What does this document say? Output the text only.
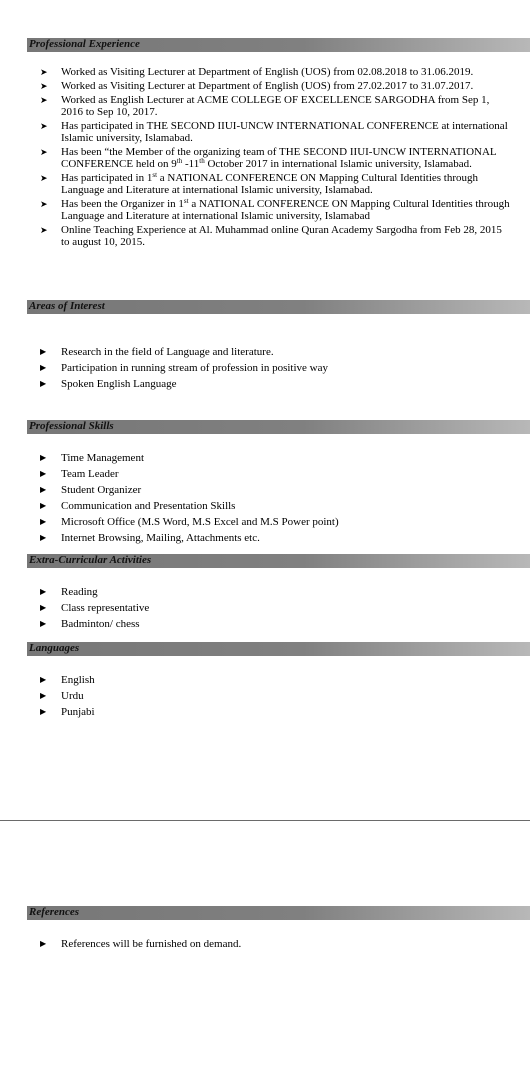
Professional Experience
➤
Worked as Visiting Lecturer at Department of English (UOS) from 02.08.2018 to 31.06.2019.
➤
Worked as Visiting Lecturer at Department of English (UOS) from 27.02.2017 to 31.07.2017.
➤
Worked as English Lecturer at ACME COLLEGE OF EXCELLENCE SARGODHA from Sep 1, 2016 to Sep 10, 2017.
➤
Has participated in THE SECOND IIUI-UNCW INTERNATIONAL CONFERENCE at international Islamic university, Islamabad.
➤
Has been “the Member of the organizing team of THE SECOND IIUI-UNCW INTERNATIONAL CONFERENCE held on 9th -11th October 2017 in international Islamic university, Islamabad.
➤
Has participated in 1st a NATIONAL CONFERENCE ON Mapping Cultural Identities through Language and Literature at international Islamic university, Islamabad.
➤
Has been the Organizer in 1st a NATIONAL CONFERENCE ON Mapping Cultural Identities through Language and Literature at international Islamic university, Islamabad
➤
Online Teaching Experience at Al. Muhammad online Quran Academy Sargodha from Feb 28, 2015 to august 10, 2015.
Areas of Interest
▶
Research in the field of Language and literature.
▶
Participation in running stream of profession in positive way
▶
Spoken English Language
Professional Skills
▶
Time Management
▶
Team Leader
▶
Student Organizer
▶
Communication and Presentation Skills
▶
Microsoft Office (M.S Word, M.S Excel and M.S Power point)
▶
Internet Browsing, Mailing, Attachments etc.
Extra-Curricular Activities
▶
Reading
▶
Class representative
▶
Badminton/ chess
Languages
▶
English
▶
Urdu
▶
Punjabi
References
▶
References will be furnished on demand.
